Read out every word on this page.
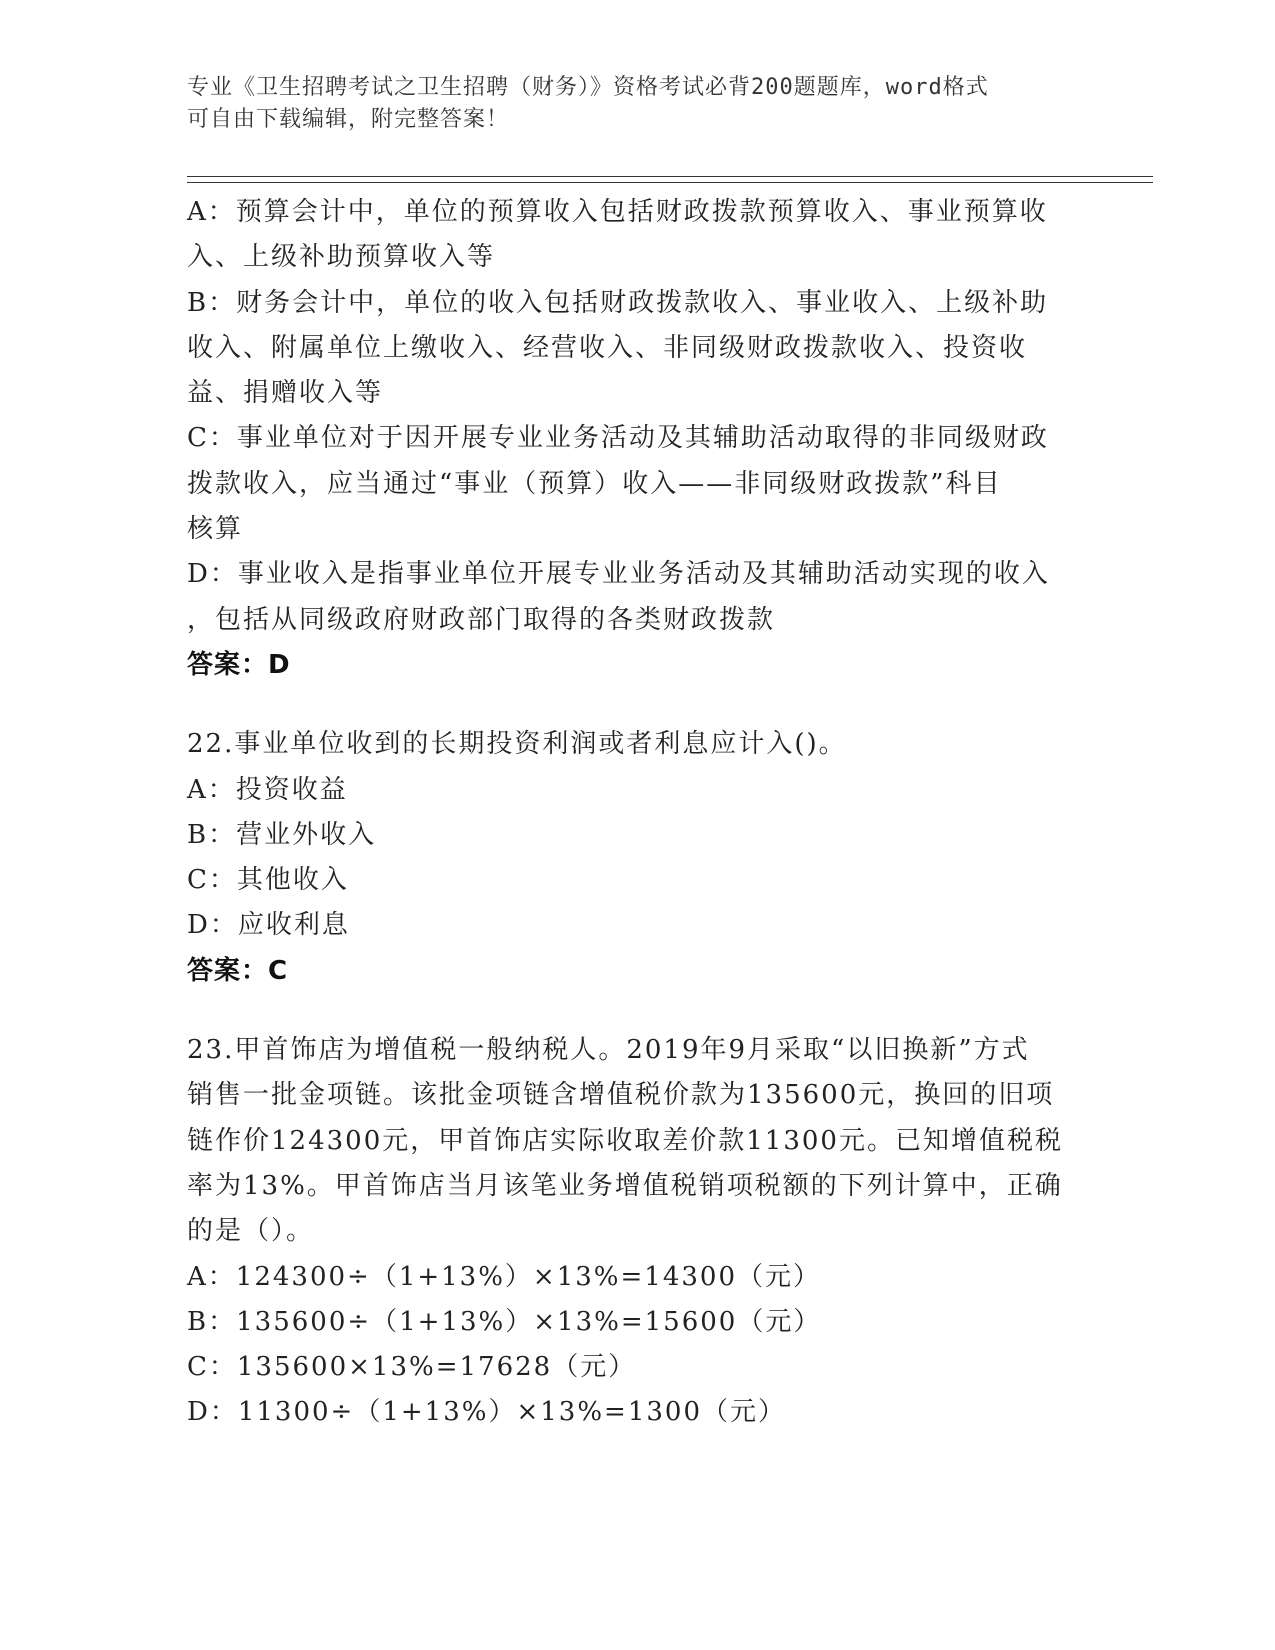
专业《卫生招聘考试之卫生招聘（财务）》资格考试必背200题题库，word格式
可自由下载编辑，附完整答案！
A：预算会计中，单位的预算收入包括财政拨款预算收入、事业预算收
入、上级补助预算收入等
B：财务会计中，单位的收入包括财政拨款收入、事业收入、上级补助
收入、附属单位上缴收入、经营收入、非同级财政拨款收入、投资收
益、捐赠收入等
C：事业单位对于因开展专业业务活动及其辅助活动取得的非同级财政
拨款收入，应当通过“事业（预算）收入——非同级财政拨款”科目
核算
D：事业收入是指事业单位开展专业业务活动及其辅助活动实现的收入
，包括从同级政府财政部门取得的各类财政拨款
答案：D
22.事业单位收到的长期投资利润或者利息应计入()。
A：投资收益
B：营业外收入
C：其他收入
D：应收利息
答案：C
23.甲首饰店为增值税一般纳税人。2019年9月采取“以旧换新”方式
销售一批金项链。该批金项链含增值税价款为135600元，换回的旧项
链作价124300元，甲首饰店实际收取差价款11300元。已知增值税税
率为13%。甲首饰店当月该笔业务增值税销项税额的下列计算中，正确
的是（）。
A：124300÷（1+13%）×13%=14300（元）
B：135600÷（1+13%）×13%=15600（元）
C：135600×13%=17628（元）
D：11300÷（1+13%）×13%=1300（元）
